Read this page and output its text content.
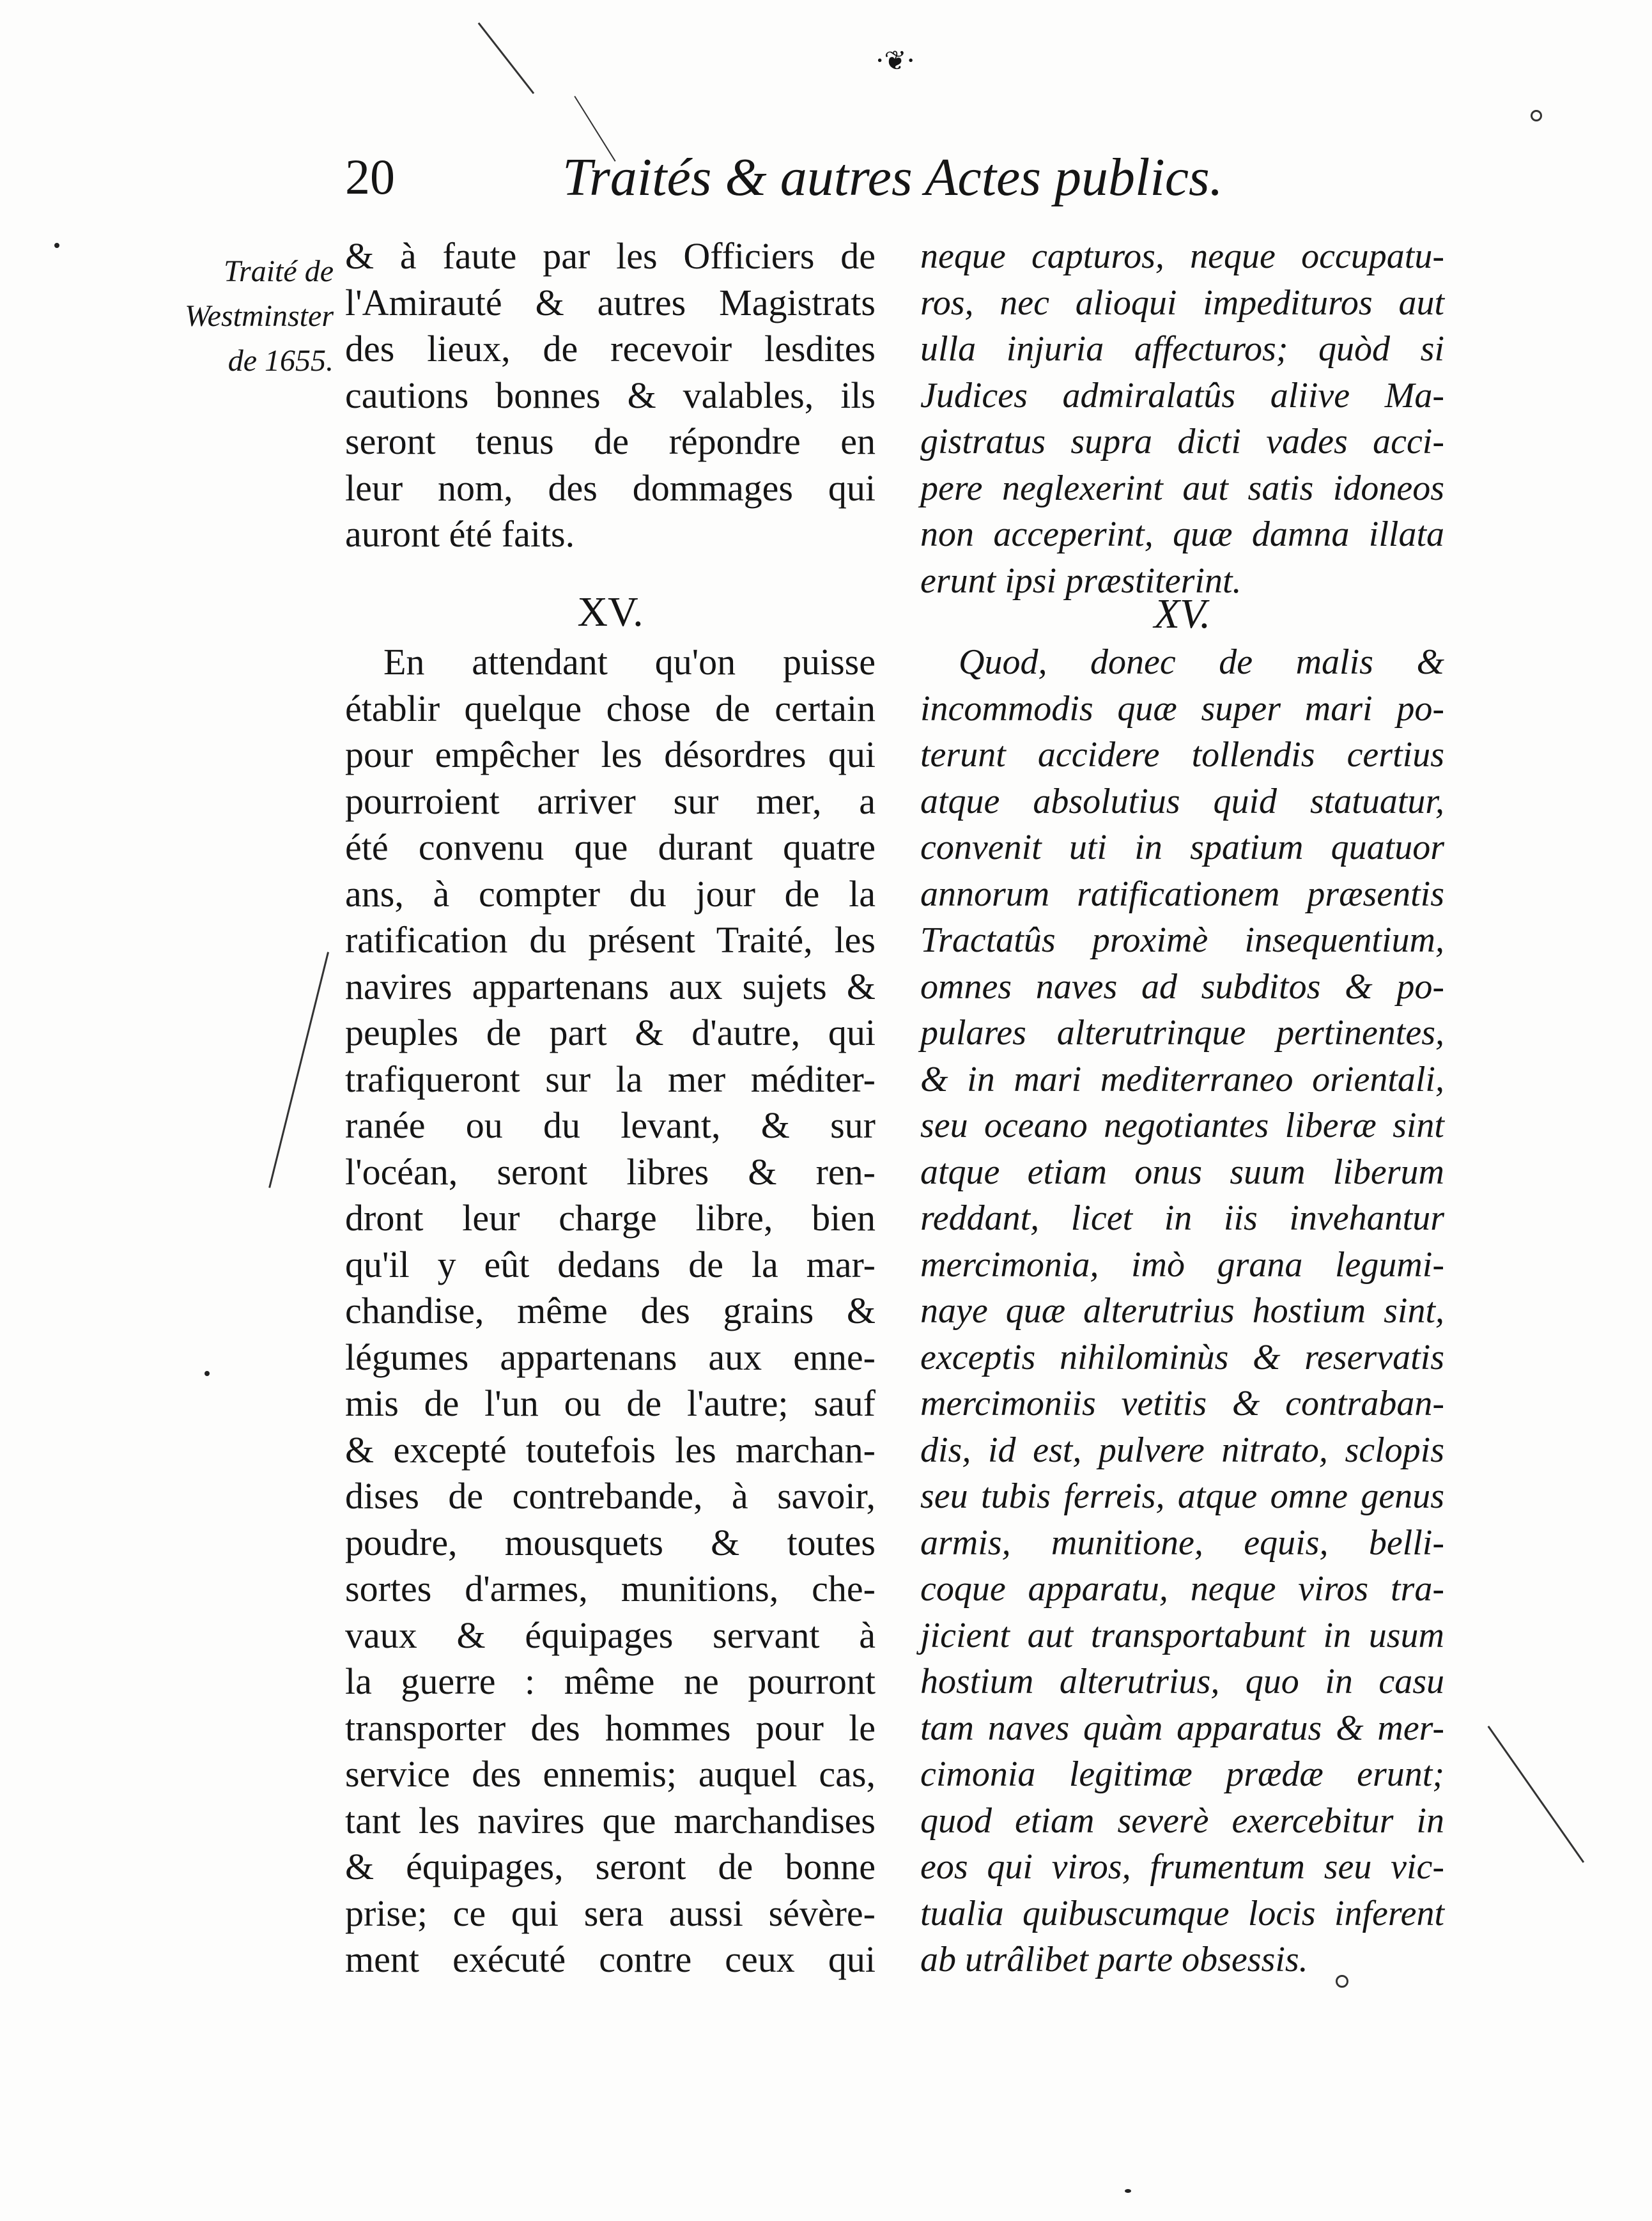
·❦·
20	Traités & autres Actes publics.
Traité de
Westminster
de 1655.
& à faute par les Officiers de
l'Amirauté & autres Magistrats
des lieux, de recevoir lesdites
cautions bonnes & valables, ils
seront tenus de répondre en
leur nom, des dommages qui
auront été faits.
neque capturos, neque occupatu-
ros, nec alioqui impedituros aut
ulla injuria affecturos; quòd si
Judices admiralatûs aliive Ma-
gistratus supra dicti vades acci-
pere neglexerint aut satis idoneos
non acceperint, quæ damna illata
erunt ipsi præstiterint.
XV.	XV.
En attendant qu'on puisse
établir quelque chose de certain
pour empêcher les désordres qui
pourroient arriver sur mer, a
été convenu que durant quatre
ans, à compter du jour de la
ratification du présent Traité, les
navires appartenans aux sujets &
peuples de part & d'autre, qui
trafiqueront sur la mer méditer-
ranée ou du levant, & sur
l'océan, seront libres & ren-
dront leur charge libre, bien
qu'il y eût dedans de la mar-
chandise, même des grains &
légumes appartenans aux enne-
mis de l'un ou de l'autre; sauf
& excepté toutefois les marchan-
dises de contrebande, à savoir,
poudre, mousquets & toutes
sortes d'armes, munitions, che-
vaux & équipages servant à
la guerre : même ne pourront
transporter des hommes pour le
service des ennemis; auquel cas,
tant les navires que marchandises
& équipages, seront de bonne
prise; ce qui sera aussi sévère-
ment exécuté contre ceux qui
Quod, donec de malis &
incommodis quæ super mari po-
terunt accidere tollendis certius
atque absolutius quid statuatur,
convenit uti in spatium quatuor
annorum ratificationem præsentis
Tractatûs proximè insequentium,
omnes naves ad subditos & po-
pulares alterutrinque pertinentes,
& in mari mediterraneo orientali,
seu oceano negotiantes liberæ sint
atque etiam onus suum liberum
reddant, licet in iis invehantur
mercimonia, imò grana legumi-
naye quæ alterutrius hostium sint,
exceptis nihilominùs & reservatis
mercimoniis vetitis & contraban-
dis, id est, pulvere nitrato, sclopis
seu tubis ferreis, atque omne genus
armis, munitione, equis, belli-
coque apparatu, neque viros tra-
jicient aut transportabunt in usum
hostium alterutrius, quo in casu
tam naves quàm apparatus & mer-
cimonia legitimæ prædæ erunt;
quod etiam severè exercebitur in
eos qui viros, frumentum seu vic-
tualia quibuscumque locis inferent
ab utrâlibet parte obsessis.
